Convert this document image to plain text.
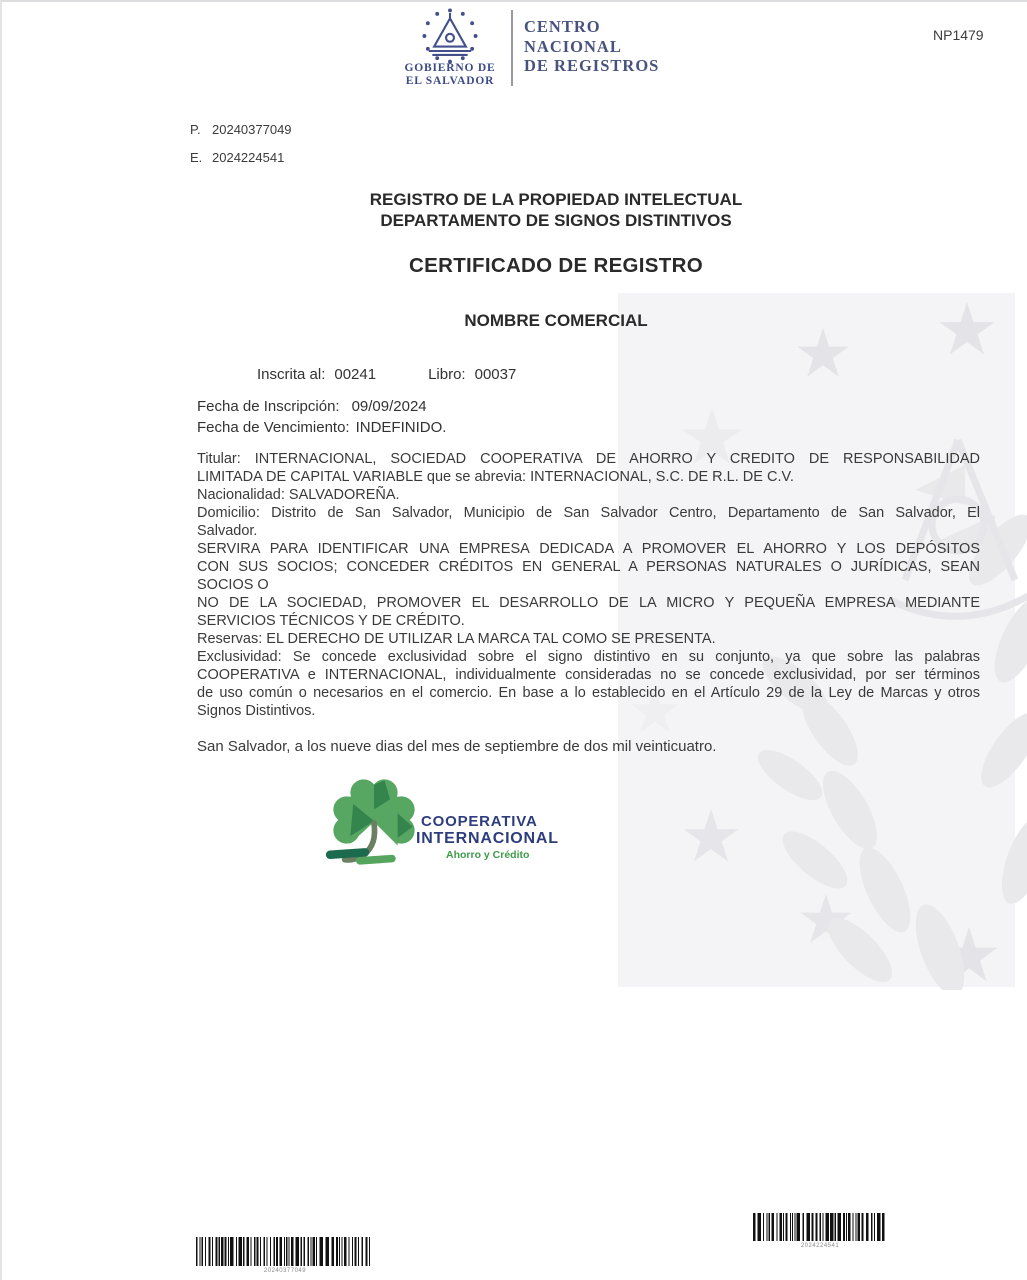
GOBIERNO DE
EL SALVADOR
CENTRO
NACIONAL
DE REGISTROS
NP1479
P. 20240377049
E. 2024224541
REGISTRO DE LA PROPIEDAD INTELECTUAL
DEPARTAMENTO DE SIGNOS DISTINTIVOS
CERTIFICADO DE REGISTRO
NOMBRE COMERCIAL
Inscrita al: 00241	Libro: 00037
Fecha de Inscripción: 09/09/2024
Fecha de Vencimiento: INDEFINIDO.
Titular: INTERNACIONAL, SOCIEDAD COOPERATIVA DE AHORRO Y CREDITO DE RESPONSABILIDAD
LIMITADA DE CAPITAL VARIABLE que se abrevia: INTERNACIONAL, S.C. DE R.L. DE C.V.
Nacionalidad: SALVADOREÑA.
Domicilio: Distrito de San Salvador, Municipio de San Salvador Centro, Departamento de San Salvador, El
Salvador.
SERVIRA PARA IDENTIFICAR UNA EMPRESA DEDICADA A PROMOVER EL AHORRO Y LOS DEPÓSITOS
CON SUS SOCIOS; CONCEDER CRÉDITOS EN GENERAL A PERSONAS NATURALES O JURÍDICAS, SEAN
SOCIOS O
NO DE LA SOCIEDAD, PROMOVER EL DESARROLLO DE LA MICRO Y PEQUEÑA EMPRESA MEDIANTE
SERVICIOS TÉCNICOS Y DE CRÉDITO.
Reservas: EL DERECHO DE UTILIZAR LA MARCA TAL COMO SE PRESENTA.
Exclusividad: Se concede exclusividad sobre el signo distintivo en su conjunto, ya que sobre las palabras
COOPERATIVA e INTERNACIONAL, individualmente consideradas no se concede exclusividad, por ser términos
de uso común o necesarios en el comercio. En base a lo establecido en el Artículo 29 de la Ley de Marcas y otros
Signos Distintivos.
San Salvador, a los nueve dias del mes de septiembre de dos mil veinticuatro.
COOPERATIVA
INTERNACIONAL
Ahorro y Crédito
20240377049
2024224541
